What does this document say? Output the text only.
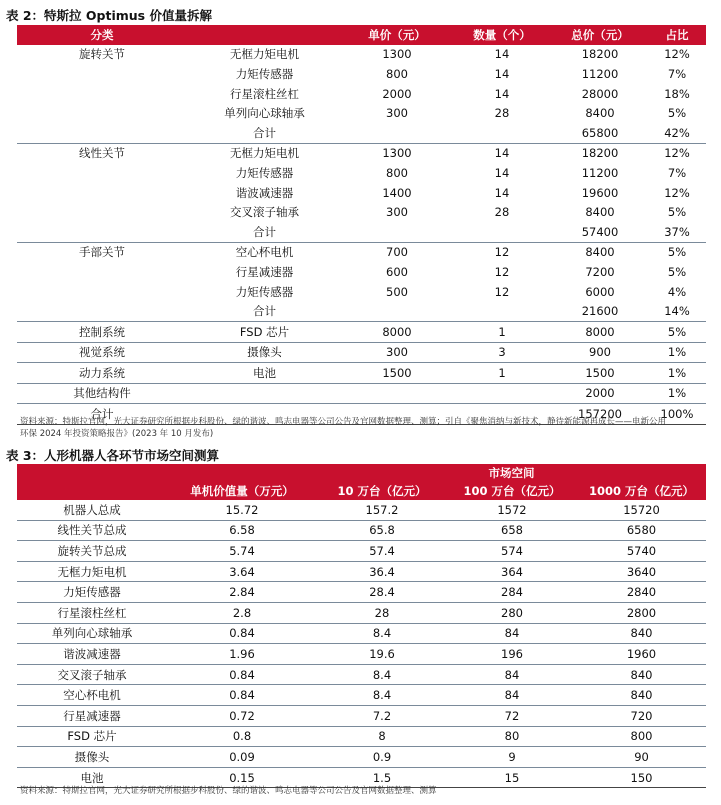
表 2：特斯拉 Optimus 价值量拆解
分类		单价（元）	数量（个）	总价（元）	占比
旋转关节	无框力矩电机	1300	14	18200	12%
	力矩传感器	800	14	11200	7%
	行星滚柱丝杠	2000	14	28000	18%
	单列向心球轴承	300	28	8400	5%
	合计			65800	42%
线性关节	无框力矩电机	1300	14	18200	12%
	力矩传感器	800	14	11200	7%
	谐波减速器	1400	14	19600	12%
	交叉滚子轴承	300	28	8400	5%
	合计			57400	37%
手部关节	空心杯电机	700	12	8400	5%
	行星减速器	600	12	7200	5%
	力矩传感器	500	12	6000	4%
	合计			21600	14%
控制系统	FSD 芯片	8000	1	8000	5%
视觉系统	摄像头	300	3	900	1%
动力系统	电池	1500	1	1500	1%
其他结构件				2000	1%
合计				157200	100%
资料来源：特斯拉官网，光大证券研究所根据步科股份、绿的谐波、鸣志电器等公司公告及官网数据整理、测算；引自《聚焦消纳与新技术，静待新能源再成长——电新公用
环保 2024 年投资策略报告》(2023 年 10 月发布)
表 3：人形机器人各环节市场空间测算
		市场空间		
	单机价值量（万元）	10 万台（亿元）	100 万台（亿元）	1000 万台（亿元）
机器人总成	15.72	157.2	1572	15720
线性关节总成	6.58	65.8	658	6580
旋转关节总成	5.74	57.4	574	5740
无框力矩电机	3.64	36.4	364	3640
力矩传感器	2.84	28.4	284	2840
行星滚柱丝杠	2.8	28	280	2800
单列向心球轴承	0.84	8.4	84	840
谐波减速器	1.96	19.6	196	1960
交叉滚子轴承	0.84	8.4	84	840
空心杯电机	0.84	8.4	84	840
行星减速器	0.72	7.2	72	720
FSD 芯片	0.8	8	80	800
摄像头	0.09	0.9	9	90
电池	0.15	1.5	15	150
资料来源：特斯拉官网，光大证券研究所根据步科股份、绿的谐波、鸣志电器等公司公告及官网数据整理、测算
